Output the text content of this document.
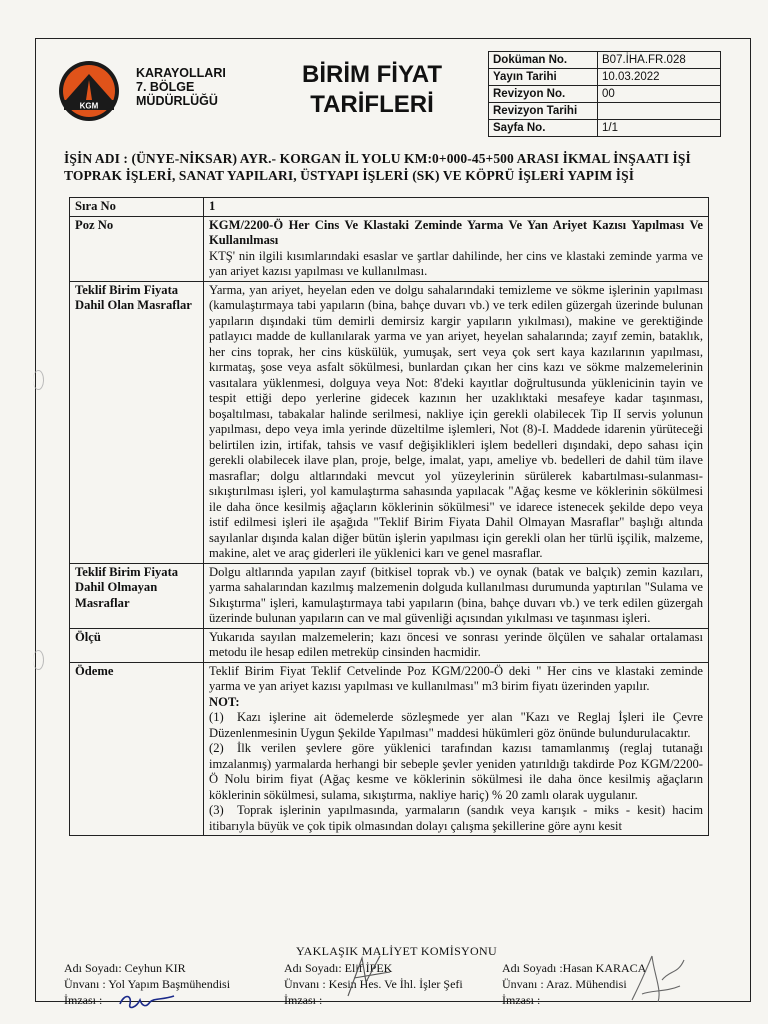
KGM
KARAYOLLARI
7. BÖLGE
MÜDÜRLÜĞÜ
BİRİM FİYAT
TARİFLERİ
Doküman No.	B07.İHA.FR.028
Yayın Tarihi	10.03.2022
Revizyon No.	00
Revizyon Tarihi	
Sayfa No.	1/1
İŞİN ADI : (ÜNYE-NİKSAR) AYR.- KORGAN İL YOLU KM:0+000-45+500 ARASI İKMAL İNŞAATI İŞİ TOPRAK İŞLERİ, SANAT YAPILARI, ÜSTYAPI İŞLERİ (SK) VE KÖPRÜ İŞLERİ YAPIM İŞİ
Sıra No	1
Poz No	KGM/2200-Ö Her Cins Ve Klastaki Zeminde Yarma Ve Yan Ariyet Kazısı Yapılması Ve Kullanılması
KTŞ' nin ilgili kısımlarındaki esaslar ve şartlar dahilinde, her cins ve klastaki zeminde yarma ve yan ariyet kazısı yapılması ve kullanılması.

Teklif Birim Fiyata Dahil Olan Masraflar	Yarma, yan ariyet, heyelan eden ve dolgu sahalarındaki temizleme ve sökme işlerinin yapılması (kamulaştırmaya tabi yapıların (bina, bahçe duvarı vb.) ve terk edilen güzergah üzerinde bulunan yapıların dışındaki tüm demirli demirsiz kargir yapıların yıkılması), makine ve gerektiğinde patlayıcı madde de kullanılarak yarma ve yan ariyet, heyelan sahalarında; zayıf zemin, bataklık, her cins toprak, her cins küskülük, yumuşak, sert veya çok sert kaya kazılarının yapılması, kırmataş, şose veya asfalt sökülmesi, bunlardan çıkan her cins kazı ve sökme malzemelerinin vasıtalara yüklenmesi, dolguya veya Not: 8'deki kayıtlar doğrultusunda yüklenicinin tayin ve tespit ettiği depo yerlerine gidecek kazının her uzaklıktaki mesafeye kadar taşınması, boşaltılması, tabakalar halinde serilmesi, nakliye için gerekli olabilecek Tip II servis yolunun yapılması, depo veya imla yerinde düzeltilme işlemleri, Not (8)-I. Maddede idarenin yürüteceği belirtilen izin, irtifak, tahsis ve vasıf değişiklikleri işlem bedelleri dışındaki, depo sahası için gerekli olabilecek ilave plan, proje, belge, imalat, yapı, ameliye vb. bedelleri de dahil tüm ilave masraflar; dolgu altlarındaki mevcut yol yüzeylerinin sürülerek kabartılması-sulanması-sıkıştırılması işleri, yol kamulaştırma sahasında yapılacak "Ağaç kesme ve köklerinin sökülmesi ile daha önce kesilmiş ağaçların köklerinin sökülmesi" ve idarece istenecek şekilde depo veya istif edilmesi işleri ile aşağıda "Teklif Birim Fiyata Dahil Olmayan Masraflar" başlığı altında sayılanlar dışında kalan diğer bütün işlerin yapılması için gerekli olan her türlü işçilik, malzeme, makine, alet ve araç giderleri ile yüklenici karı ve genel masraflar.
Teklif Birim Fiyata Dahil Olmayan Masraflar	Dolgu altlarında yapılan zayıf (bitkisel toprak vb.) ve oynak (batak ve balçık) zemin kazıları, yarma sahalarından kazılmış malzemenin dolguda kullanılması durumunda yaptırılan "Sulama ve Sıkıştırma" işleri, kamulaştırmaya tabi yapıların (bina, bahçe duvarı vb.) ve terk edilen güzergah üzerinde bulunan yapıların can ve mal güvenliği açısından yıkılması ve taşınması işleri.
Ölçü	Yukarıda sayılan malzemelerin; kazı öncesi ve sonrası yerinde ölçülen ve sahalar ortalaması metodu ile hesap edilen metreküp cinsinden hacmidir.
Ödeme	Teklif Birim Fiyat Teklif Cetvelinde Poz KGM/2200-Ö deki " Her cins ve klastaki zeminde yarma ve yan ariyet kazısı yapılması ve kullanılması" m3 birim fiyatı üzerinden yapılır.
NOT:
(1) Kazı işlerine ait ödemelerde sözleşmede yer alan "Kazı ve Reglaj İşleri ile Çevre Düzenlenmesinin Uygun Şekilde Yapılması" maddesi hükümleri göz önünde bulundurulacaktır.
(2) İlk verilen şevlere göre yüklenici tarafından kazısı tamamlanmış (reglaj tutanağı imzalanmış) yarmalarda herhangi bir sebeple şevler yeniden yatırıldığı takdirde Poz KGM/2200-Ö Nolu birim fiyat (Ağaç kesme ve köklerinin sökülmesi ile daha önce kesilmiş ağaçların köklerinin sökülmesi, sulama, sıkıştırma, nakliye hariç) % 20 zamlı olarak uygulanır.
(3) Toprak işlerinin yapılmasında, yarmaların (sandık veya karışık - miks - kesit) hacim itibarıyla büyük ve çok tipik olmasından dolayı çalışma şekillerine göre aynı kesit
YAKLAŞIK MALİYET KOMİSYONU
Adı Soyadı: Ceyhun KIR
Ünvanı : Yol Yapım Başmühendisi
İmzası :
Adı Soyadı: Elif İPEK
Ünvanı : Kesin Hes. Ve İhl. İşler Şefi
İmzası :
Adı Soyadı :Hasan KARACA
Ünvanı : Araz. Mühendisi
İmzası :
